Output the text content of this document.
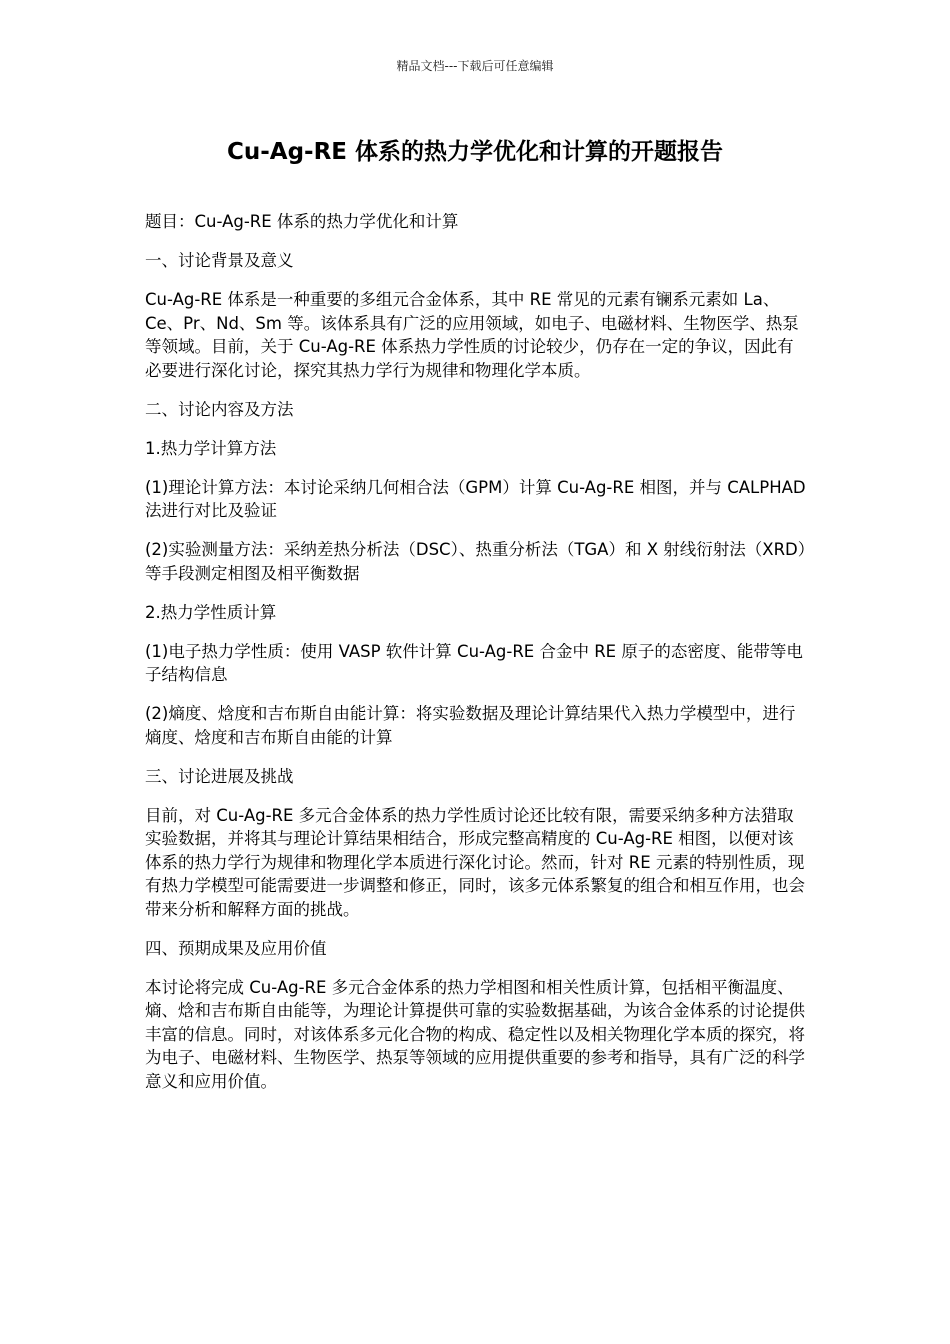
精品文档---下载后可任意编辑
Cu-Ag-RE 体系的热力学优化和计算的开题报告

题目：Cu-Ag-RE 体系的热力学优化和计算

一、讨论背景及意义

Cu-Ag-RE 体系是一种重要的多组元合金体系，其中 RE 常见的元素有镧系元素如 La、Ce、Pr、Nd、Sm 等。该体系具有广泛的应用领域，如电子、电磁材料、生物医学、热泵等领域。目前，关于 Cu-Ag-RE 体系热力学性质的讨论较少，仍存在一定的争议，因此有必要进行深化讨论，探究其热力学行为规律和物理化学本质。

二、讨论内容及方法

1.热力学计算方法

(1)理论计算方法：本讨论采纳几何相合法（GPM）计算 Cu-Ag-RE 相图，并与 CALPHAD 法进行对比及验证

(2)实验测量方法：采纳差热分析法（DSC）、热重分析法（TGA）和 X 射线衍射法（XRD）等手段测定相图及相平衡数据

2.热力学性质计算

(1)电子热力学性质：使用 VASP 软件计算 Cu-Ag-RE 合金中 RE 原子的态密度、能带等电子结构信息

(2)熵度、焓度和吉布斯自由能计算：将实验数据及理论计算结果代入热力学模型中，进行熵度、焓度和吉布斯自由能的计算

三、讨论进展及挑战

目前，对 Cu-Ag-RE 多元合金体系的热力学性质讨论还比较有限，需要采纳多种方法猎取实验数据，并将其与理论计算结果相结合，形成完整高精度的 Cu-Ag-RE 相图，以便对该体系的热力学行为规律和物理化学本质进行深化讨论。然而，针对 RE 元素的特别性质，现有热力学模型可能需要进一步调整和修正，同时，该多元体系繁复的组合和相互作用，也会带来分析和解释方面的挑战。

四、预期成果及应用价值

本讨论将完成 Cu-Ag-RE 多元合金体系的热力学相图和相关性质计算，包括相平衡温度、熵、焓和吉布斯自由能等，为理论计算提供可靠的实验数据基础，为该合金体系的讨论提供丰富的信息。同时，对该体系多元化合物的构成、稳定性以及相关物理化学本质的探究，将为电子、电磁材料、生物医学、热泵等领域的应用提供重要的参考和指导，具有广泛的科学意义和应用价值。
